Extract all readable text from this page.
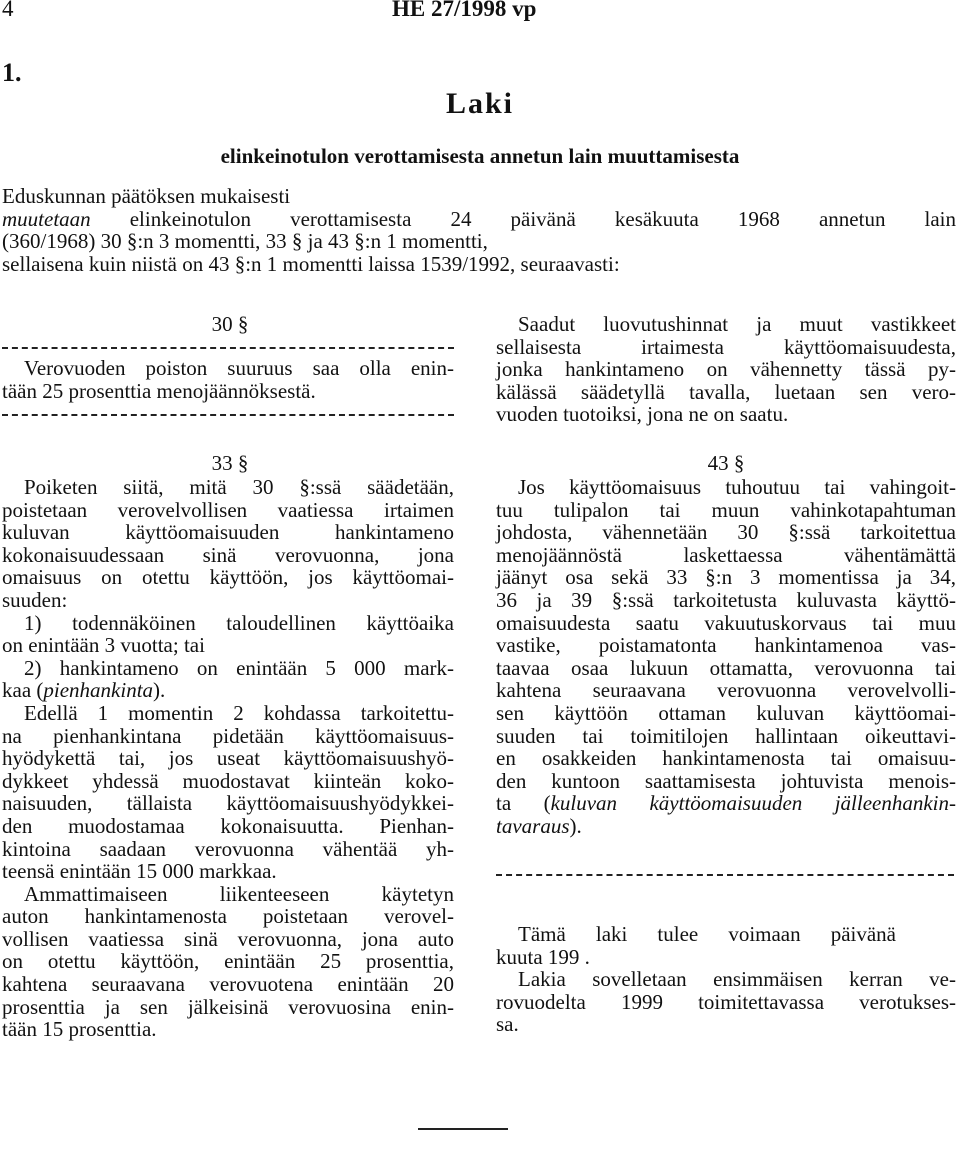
4	HE 27/1998 vp
1.
Laki
elinkeinotulon verottamisesta annetun lain muuttamisesta
Eduskunnan päätöksen mukaisesti
muutetaan elinkeinotulon verottamisesta 24 päivänä kesäkuuta 1968 annetun lain
(360/1968) 30 §:n 3 momentti, 33 § ja 43 §:n 1 momentti,
sellaisena kuin niistä on 43 §:n 1 momentti laissa 1539/1992, seuraavasti:
30 §
Verovuoden poiston suuruus saa olla enin-
tään 25 prosenttia menojäännöksestä.
Saadut luovutushinnat ja muut vastikkeet
sellaisesta irtaimesta käyttöomaisuudesta,
jonka hankintameno on vähennetty tässä py-
kälässä säädetyllä tavalla, luetaan sen vero-
vuoden tuotoiksi, jona ne on saatu.
33 §
Poiketen siitä, mitä 30 §:ssä säädetään,
poistetaan verovelvollisen vaatiessa irtaimen
kuluvan käyttöomaisuuden hankintameno
kokonaisuudessaan sinä verovuonna, jona
omaisuus on otettu käyttöön, jos käyttöomai-
suuden:
1) todennäköinen taloudellinen käyttöaika
on enintään 3 vuotta; tai
2) hankintameno on enintään 5 000 mark-
kaa (pienhankinta).
Edellä 1 momentin 2 kohdassa tarkoitettu-
na pienhankintana pidetään käyttöomaisuus-
hyödykettä tai, jos useat käyttöomaisuushyö-
dykkeet yhdessä muodostavat kiinteän koko-
naisuuden, tällaista käyttöomaisuushyödykkei-
den muodostamaa kokonaisuutta. Pienhan-
kintoina saadaan verovuonna vähentää yh-
teensä enintään 15 000 markkaa.
Ammattimaiseen liikenteeseen käytetyn
auton hankintamenosta poistetaan verovel-
vollisen vaatiessa sinä verovuonna, jona auto
on otettu käyttöön, enintään 25 prosenttia,
kahtena seuraavana verovuotena enintään 20
prosenttia ja sen jälkeisinä verovuosina enin-
tään 15 prosenttia.
43 §
Jos käyttöomaisuus tuhoutuu tai vahingoit-
tuu tulipalon tai muun vahinkotapahtuman
johdosta, vähennetään 30 §:ssä tarkoitettua
menojäännöstä laskettaessa vähentämättä
jäänyt osa sekä 33 §:n 3 momentissa ja 34,
36 ja 39 §:ssä tarkoitetusta kuluvasta käyttö-
omaisuudesta saatu vakuutuskorvaus tai muu
vastike, poistamatonta hankintamenoa vas-
taavaa osaa lukuun ottamatta, verovuonna tai
kahtena seuraavana verovuonna verovelvolli-
sen käyttöön ottaman kuluvan käyttöomai-
suuden tai toimitilojen hallintaan oikeuttavi-
en osakkeiden hankintamenosta tai omaisuu-
den kuntoon saattamisesta johtuvista menois-
ta (kuluvan käyttöomaisuuden jälleenhankin-
tavaraus).
Tämä laki tulee voimaan päivänä
kuuta 199 .
Lakia sovelletaan ensimmäisen kerran ve-
rovuodelta 1999 toimitettavassa verotukses-
sa.
